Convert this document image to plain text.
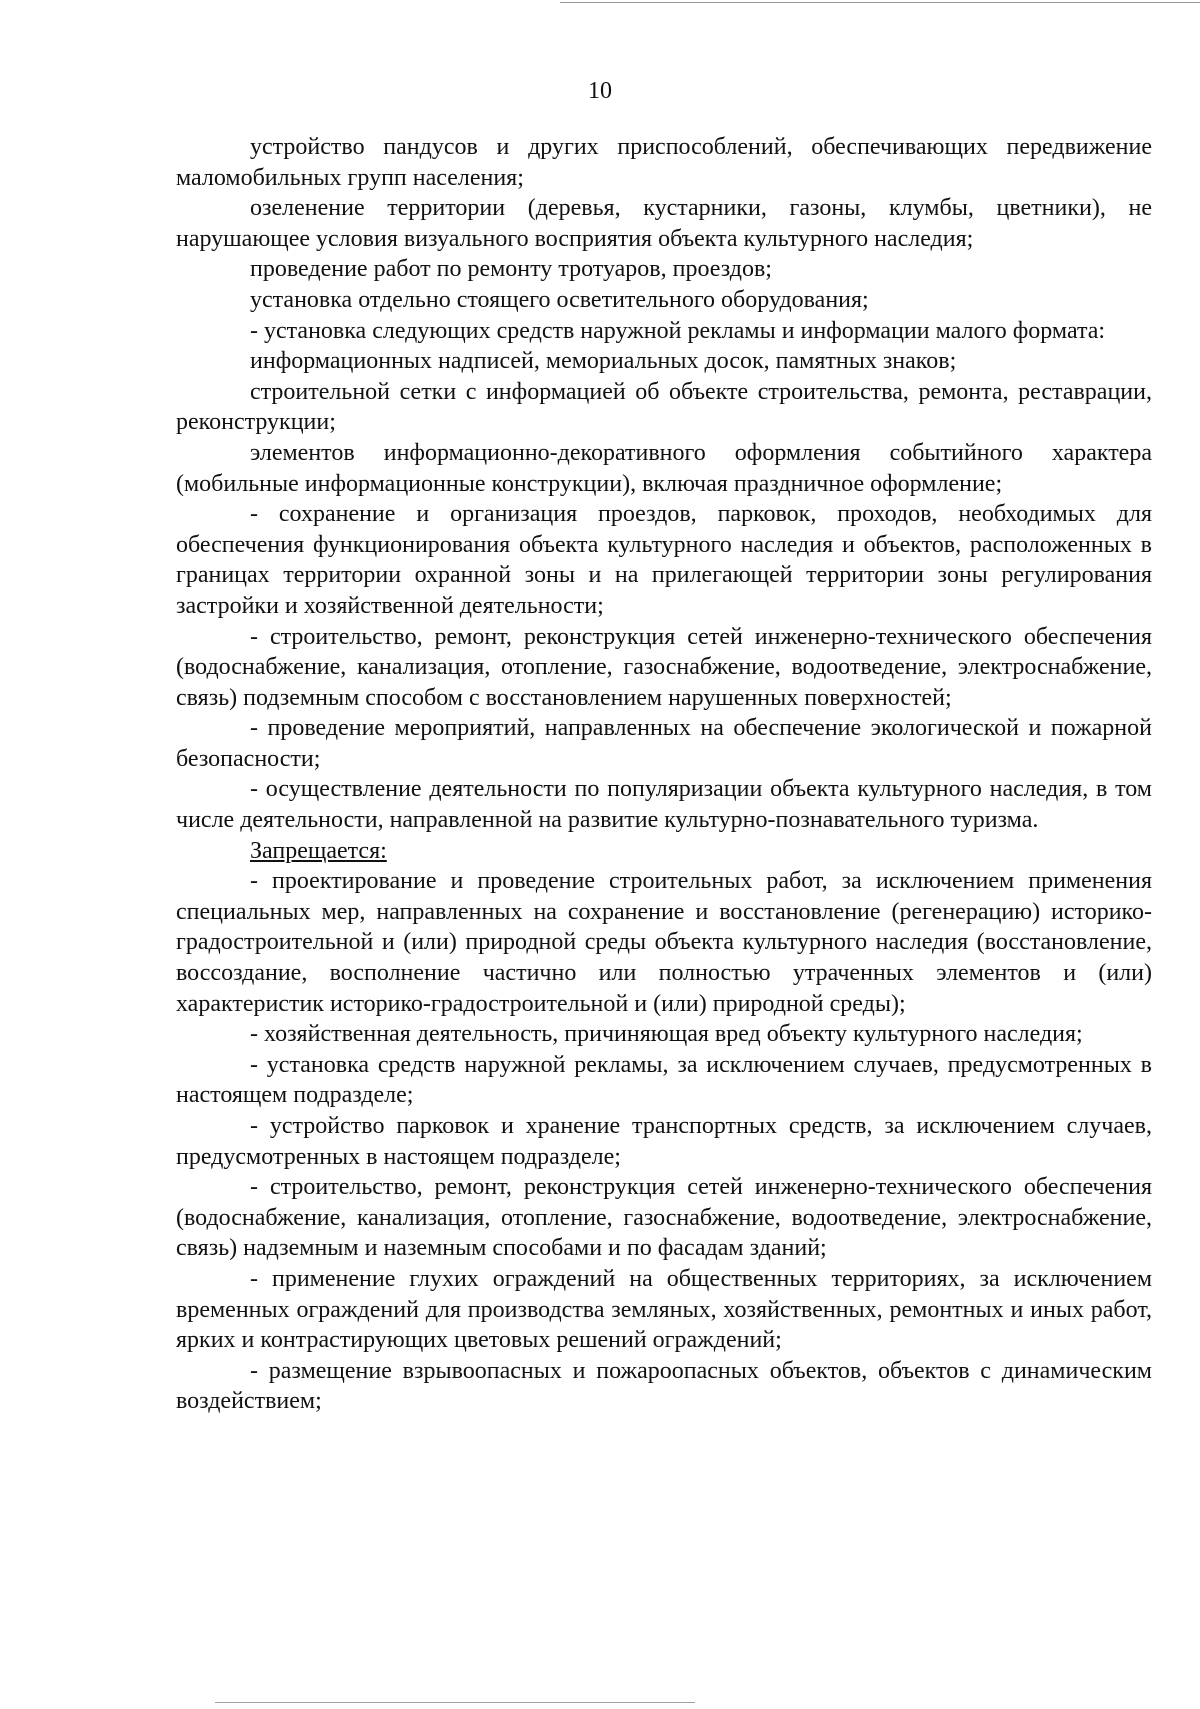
10

устройство пандусов и других приспособлений, обеспечивающих передвижение маломобильных групп населения;

озеленение территории (деревья, кустарники, газоны, клумбы, цветники), не нарушающее условия визуального восприятия объекта культурного наследия;

проведение работ по ремонту тротуаров, проездов;

установка отдельно стоящего осветительного оборудования;

- установка следующих средств наружной рекламы и информации малого формата:

информационных надписей, мемориальных досок, памятных знаков;

строительной сетки с информацией об объекте строительства, ремонта, реставрации, реконструкции;

элементов информационно-декоративного оформления событийного характера (мобильные информационные конструкции), включая праздничное оформление;

- сохранение и организация проездов, парковок, проходов, необходимых для обеспечения функционирования объекта культурного наследия и объектов, расположенных в границах территории охранной зоны и на прилегающей территории зоны регулирования застройки и хозяйственной деятельности;

- строительство, ремонт, реконструкция сетей инженерно-технического обеспечения (водоснабжение, канализация, отопление, газоснабжение, водоотведение, электроснабжение, связь) подземным способом с восстановлением нарушенных поверхностей;

- проведение мероприятий, направленных на обеспечение экологической и пожарной безопасности;

- осуществление деятельности по популяризации объекта культурного наследия, в том числе деятельности, направленной на развитие культурно-познавательного туризма.

Запрещается:

- проектирование и проведение строительных работ, за исключением применения специальных мер, направленных на сохранение и восстановление (регенерацию) историко-градостроительной и (или) природной среды объекта культурного наследия (восстановление, воссоздание, восполнение частично или полностью утраченных элементов и (или) характеристик историко-градостроительной и (или) природной среды);

- хозяйственная деятельность, причиняющая вред объекту культурного наследия;

- установка средств наружной рекламы, за исключением случаев, предусмотренных в настоящем подразделе;

- устройство парковок и хранение транспортных средств, за исключением случаев, предусмотренных в настоящем подразделе;

- строительство, ремонт, реконструкция сетей инженерно-технического обеспечения (водоснабжение, канализация, отопление, газоснабжение, водоотведение, электроснабжение, связь) надземным и наземным способами и по фасадам зданий;

- применение глухих ограждений на общественных территориях, за исключением временных ограждений для производства земляных, хозяйственных, ремонтных и иных работ, ярких и контрастирующих цветовых решений ограждений;

- размещение взрывоопасных и пожароопасных объектов, объектов с динамическим воздействием;
